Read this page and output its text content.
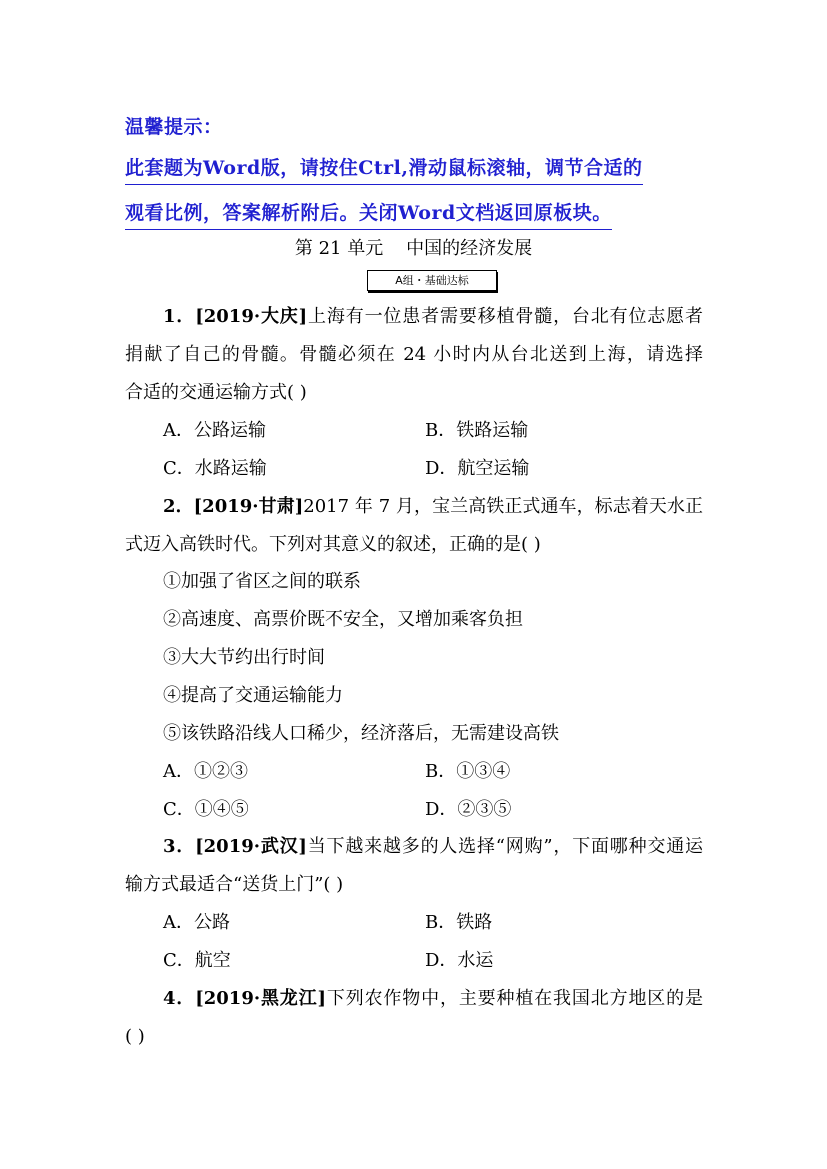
温馨提示：
此套题为Word版，请按住Ctrl,滑动鼠标滚轴，调节合适的
观看比例，答案解析附后。关闭Word文档返回原板块。
第 21 单元    中国的经济发展
A组・基础达标
1．[2019·大庆]上海有一位患者需要移植骨髓，台北有位志愿者
捐献了自己的骨髓。骨髓必须在 24 小时内从台北送到上海，请选择
合适的交通运输方式( )
A．公路运输	B．铁路运输
C．水路运输	D．航空运输
2．[2019·甘肃]2017 年 7 月，宝兰高铁正式通车，标志着天水正
式迈入高铁时代。下列对其意义的叙述，正确的是( )
①加强了省区之间的联系
②高速度、高票价既不安全，又增加乘客负担
③大大节约出行时间
④提高了交通运输能力
⑤该铁路沿线人口稀少，经济落后，无需建设高铁
A．①②③	B．①③④
C．①④⑤	D．②③⑤
3．[2019·武汉]当下越来越多的人选择“网购”，下面哪种交通运
输方式最适合“送货上门”( )
A．公路	B．铁路
C．航空	D．水运
4．[2019·黑龙江]下列农作物中，主要种植在我国北方地区的是
( )
